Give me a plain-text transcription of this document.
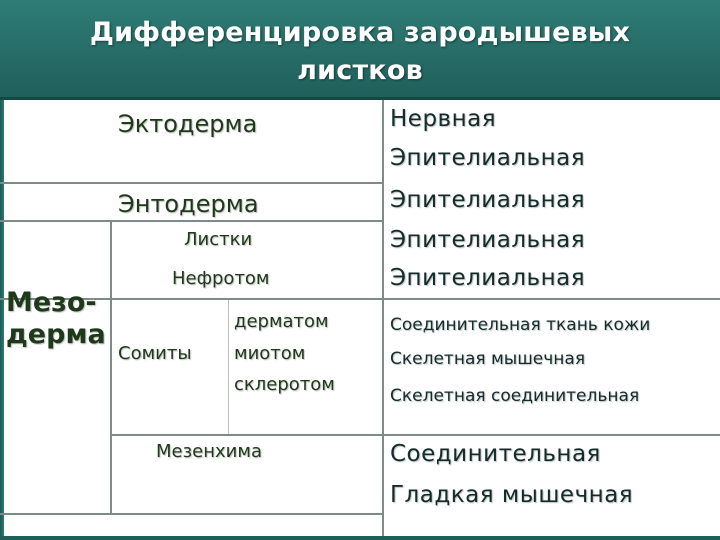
Дифференцировка зародышевых
листков
Эктодерма
Энтодерма
Листки
Нефротом
Мезо-
дерма
Сомиты
дерматом
миотом
склеротом
Мезенхима
Нервная
Эпителиальная
Эпителиальная
Эпителиальная
Эпителиальная
Соединительная ткань кожи
Скелетная мышечная
Скелетная соединительная
Соединительная
Гладкая мышечная
